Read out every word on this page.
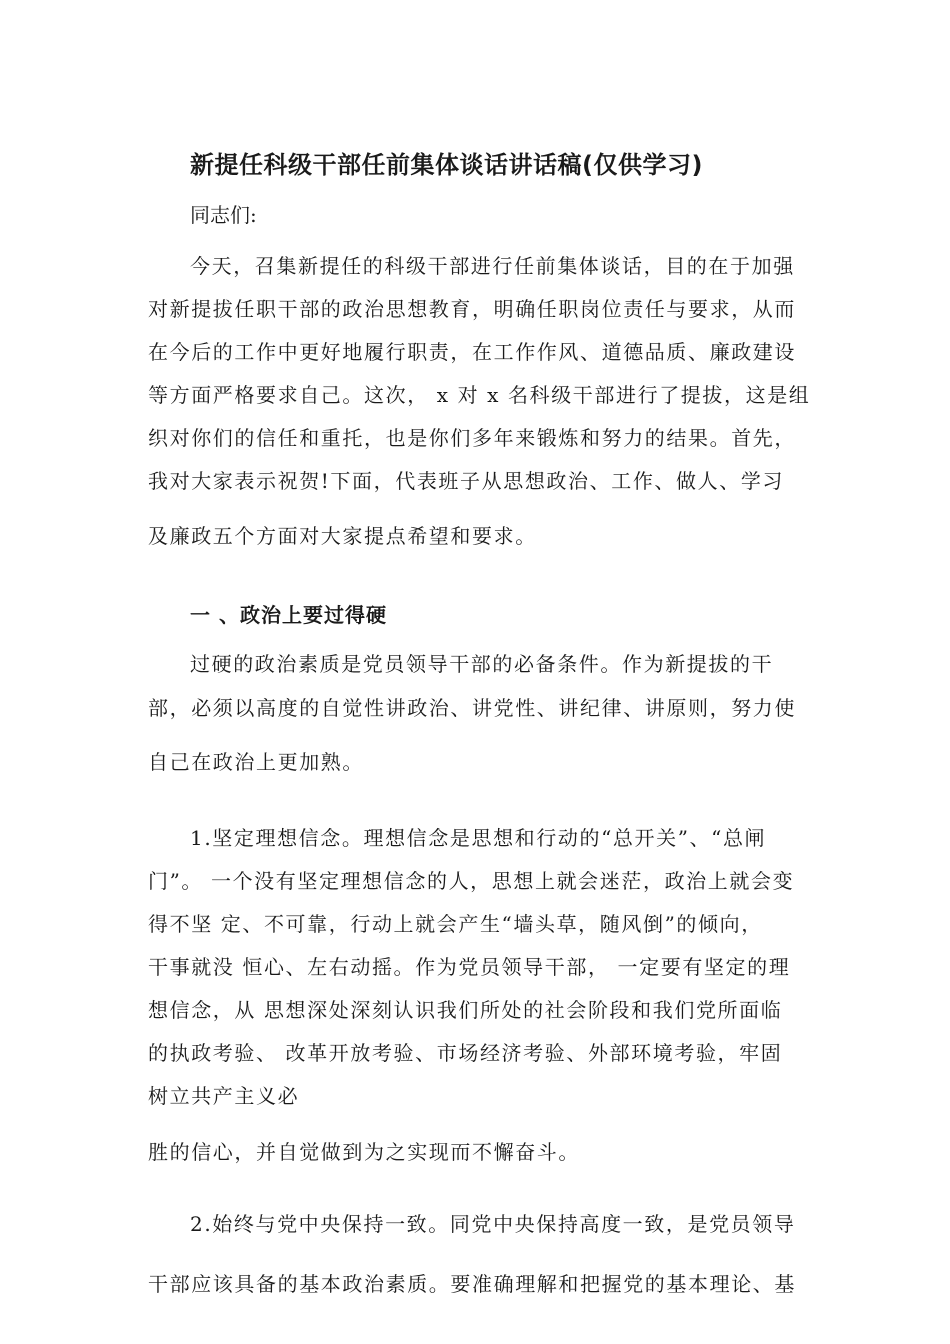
新提任科级干部任前集体谈话讲话稿(仅供学习)
同志们:
今天，召集新提任的科级干部进行任前集体谈话，目的在于加强
对新提拔任职干部的政治思想教育，明确任职岗位责任与要求，从而
在今后的工作中更好地履行职责，在工作作风、道德品质、廉政建设
等方面严格要求自己。这次， x 对 x 名科级干部进行了提拔，这是组
织对你们的信任和重托，也是你们多年来锻炼和努力的结果。首先，
我对大家表示祝贺!下面，代表班子从思想政治、工作、做人、学习
及廉政五个方面对大家提点希望和要求。
一 、政治上要过得硬
过硬的政治素质是党员领导干部的必备条件。作为新提拔的干
部，必须以高度的自觉性讲政治、讲党性、讲纪律、讲原则，努力使
自己在政治上更加熟。
1.坚定理想信念。理想信念是思想和行动的“总开关”、“总闸
门”。 一个没有坚定理想信念的人，思想上就会迷茫，政治上就会变
得不坚 定、不可靠，行动上就会产生“墙头草，随风倒”的倾向，
干事就没 恒心、左右动摇。作为党员领导干部， 一定要有坚定的理
想信念，从 思想深处深刻认识我们所处的社会阶段和我们党所面临
的执政考验、 改革开放考验、市场经济考验、外部环境考验，牢固
树立共产主义必
胜的信心，并自觉做到为之实现而不懈奋斗。
2.始终与党中央保持一致。同党中央保持高度一致，是党员领导
干部应该具备的基本政治素质。要准确理解和把握党的基本理论、基
